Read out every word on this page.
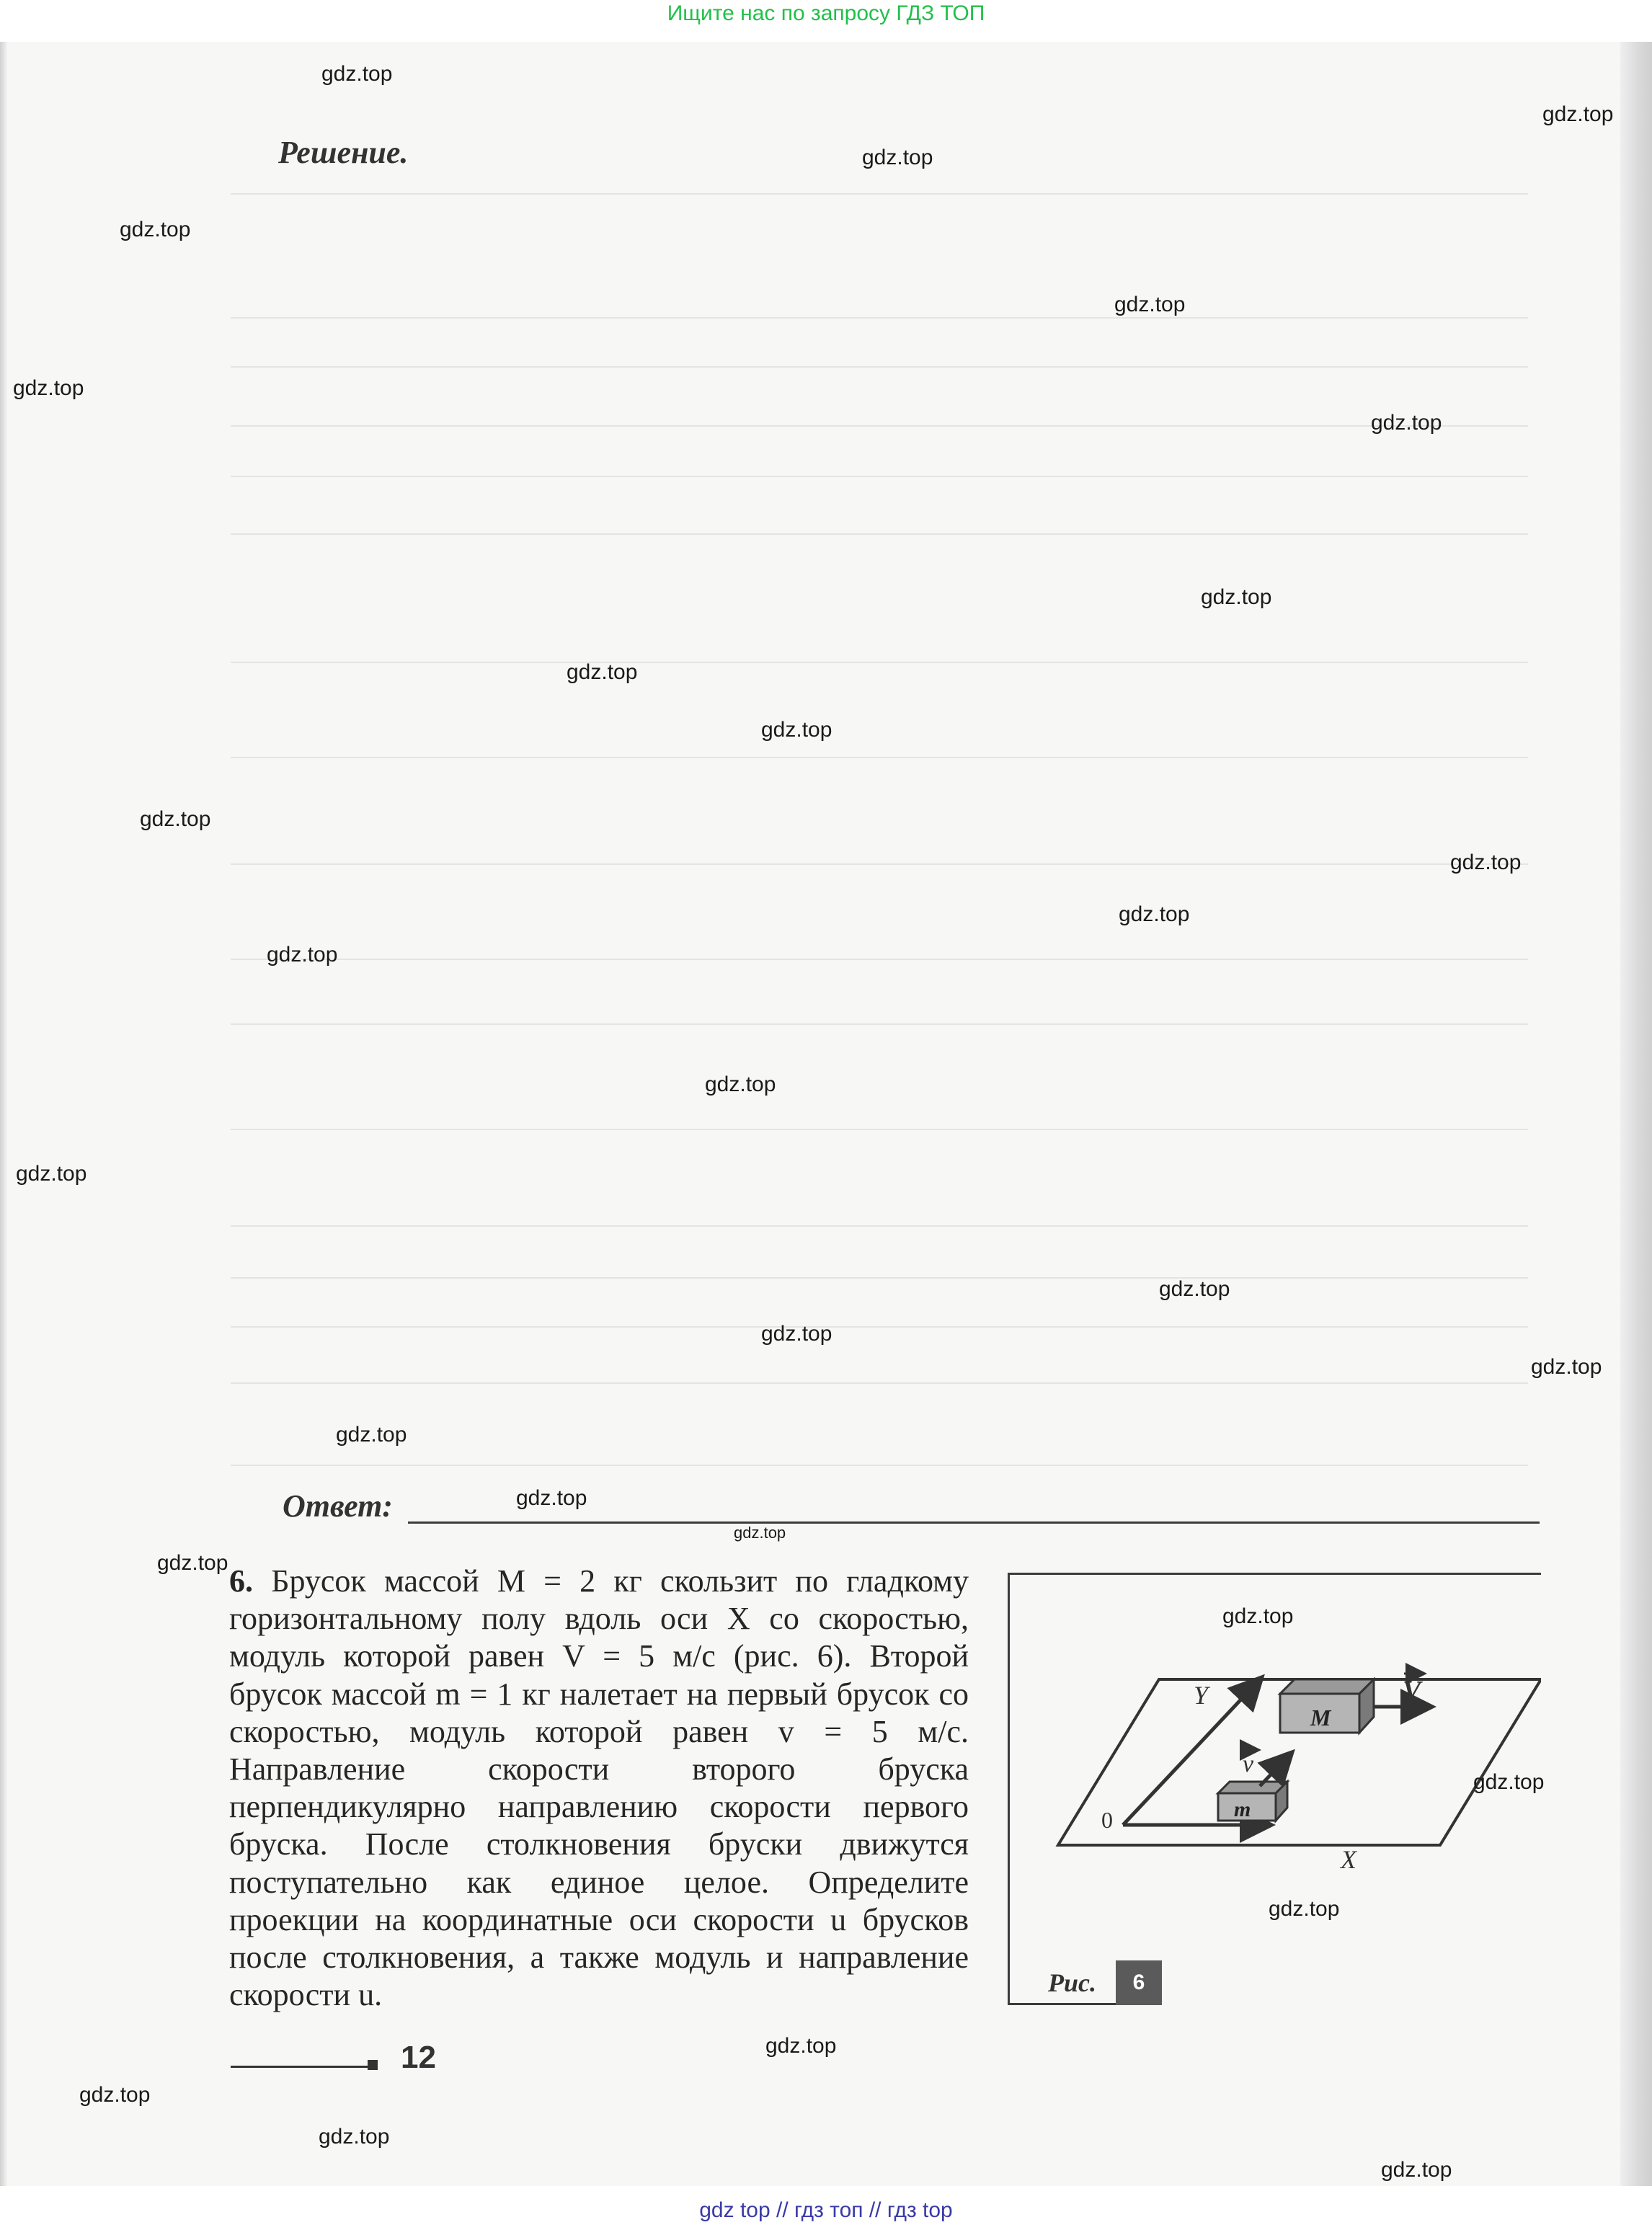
Ищите нас по запросу ГДЗ ТОП
Решение.
Ответ:
6. Брусок массой M = 2 кг скользит по гладкому горизонтальному полу вдоль оси X со скоростью, модуль которой равен V = 5 м/с (рис. 6). Второй брусок массой m = 1 кг налетает на первый брусок со скоростью, модуль которой равен v = 5 м/с. Направление скорости второго бруска перпендикулярно направлению скорости первого бруска. После столкновения бруски движутся поступательно как единое целое. Определите проекции на координатные оси скорости u брусков после столкновения, а также модуль и направление скорости u.
Y
X
0
M
m
V
v
Рис.	6
12
gdz.top
gdz.top
gdz.top
gdz.top
gdz.top
gdz.top
gdz.top
gdz.top
gdz.top
gdz.top
gdz.top
gdz.top
gdz.top
gdz.top
gdz.top
gdz.top
gdz.top
gdz.top
gdz.top
gdz.top
gdz.top
gdz.top
gdz.top
gdz.top
gdz.top
gdz.top
gdz.top
gdz.top
gdz.top
gdz.top
gdz top // гдз топ // гдз top
